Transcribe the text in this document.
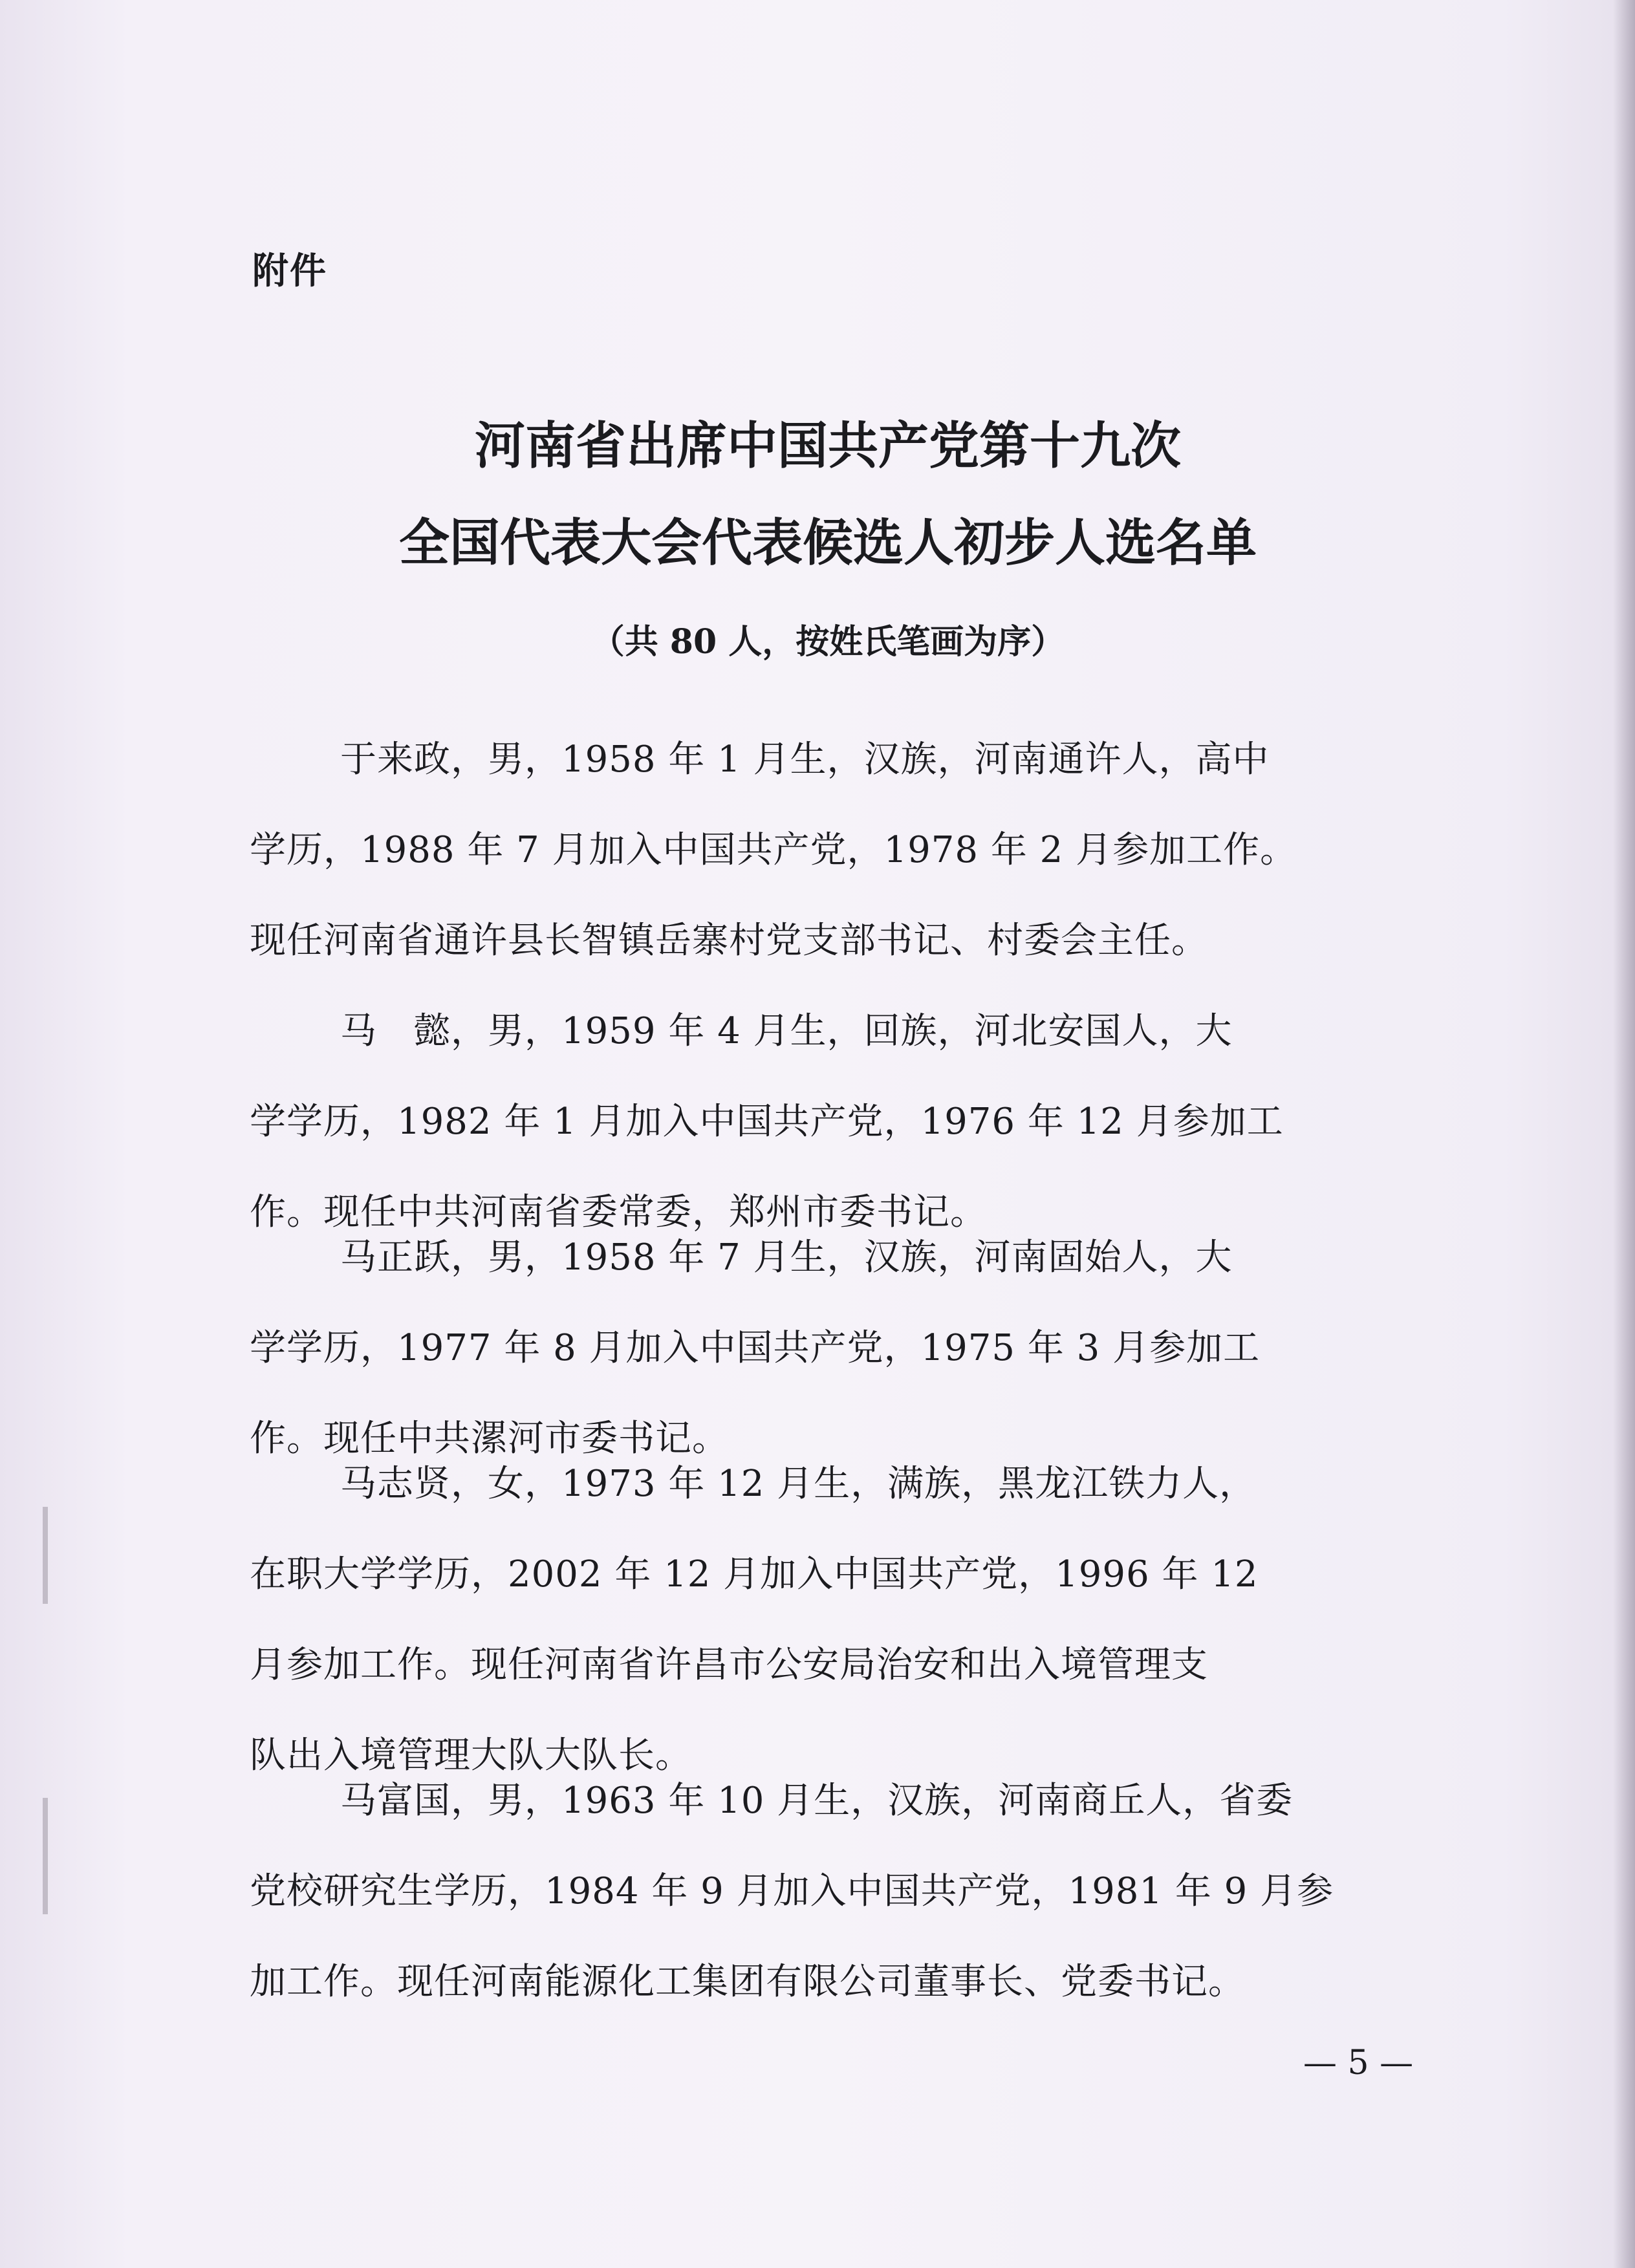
附件
河南省出席中国共产党第十九次
全国代表大会代表候选人初步人选名单
（共 80 人，按姓氏笔画为序）

于来政，男，1958 年 1 月生，汉族，河南通许人，高中

学历，1988 年 7 月加入中国共产党，1978 年 2 月参加工作。

现任河南省通许县长智镇岳寨村党支部书记、村委会主任。

马　懿，男，1959 年 4 月生，回族，河北安国人，大

学学历，1982 年 1 月加入中国共产党，1976 年 12 月参加工

作。现任中共河南省委常委，郑州市委书记。

马正跃，男，1958 年 7 月生，汉族，河南固始人，大

学学历，1977 年 8 月加入中国共产党，1975 年 3 月参加工

作。现任中共漯河市委书记。

马志贤，女，1973 年 12 月生，满族，黑龙江铁力人，

在职大学学历，2002 年 12 月加入中国共产党，1996 年 12

月参加工作。现任河南省许昌市公安局治安和出入境管理支

队出入境管理大队大队长。

马富国，男，1963 年 10 月生，汉族，河南商丘人，省委

党校研究生学历，1984 年 9 月加入中国共产党，1981 年 9 月参

加工作。现任河南能源化工集团有限公司董事长、党委书记。

— 5 —
